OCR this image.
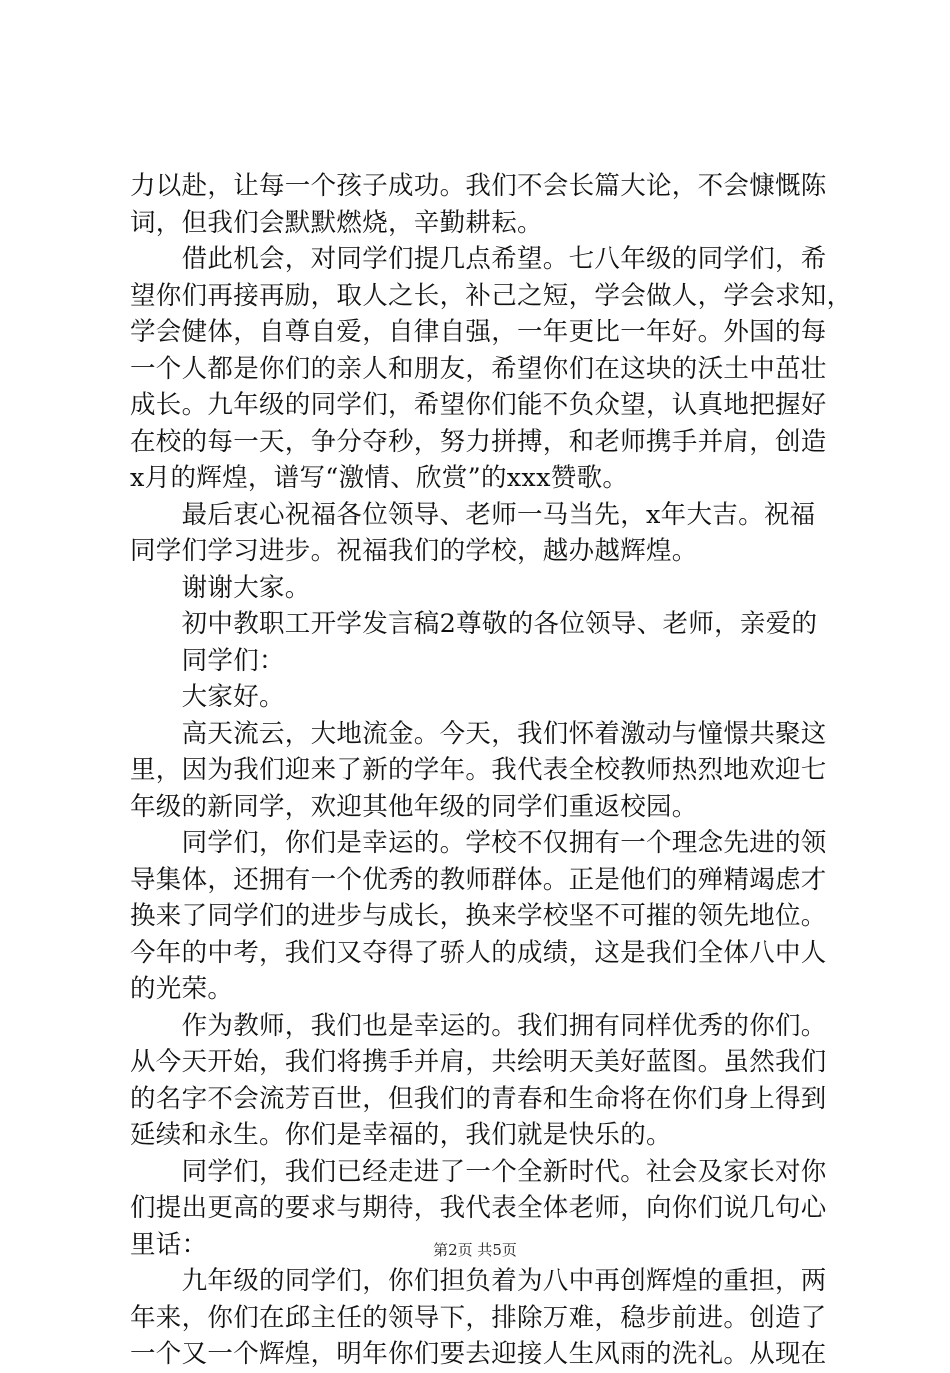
力以赴，让每一个孩子成功。我们不会长篇大论，不会慷慨陈
词，但我们会默默燃烧，辛勤耕耘。
　　借此机会，对同学们提几点希望。七八年级的同学们，希
望你们再接再励，取人之长，补己之短，学会做人，学会求知，
学会健体，自尊自爱，自律自强，一年更比一年好。外国的每
一个人都是你们的亲人和朋友，希望你们在这块的沃土中茁壮
成长。九年级的同学们，希望你们能不负众望，认真地把握好
在校的每一天，争分夺秒，努力拼搏，和老师携手并肩，创造
x月的辉煌，谱写“激情、欣赏”的xxx赞歌。
　　最后衷心祝福各位领导、老师一马当先，x年大吉。祝福
同学们学习进步。祝福我们的学校，越办越辉煌。
　　谢谢大家。
　　初中教职工开学发言稿2尊敬的各位领导、老师，亲爱的
　　同学们：
　　大家好。
　　高天流云，大地流金。今天，我们怀着激动与憧憬共聚这
里，因为我们迎来了新的学年。我代表全校教师热烈地欢迎七
年级的新同学，欢迎其他年级的同学们重返校园。
　　同学们，你们是幸运的。学校不仅拥有一个理念先进的领
导集体，还拥有一个优秀的教师群体。正是他们的殚精竭虑才
换来了同学们的进步与成长，换来学校坚不可摧的领先地位。
今年的中考，我们又夺得了骄人的成绩，这是我们全体八中人
的光荣。
　　作为教师，我们也是幸运的。我们拥有同样优秀的你们。
从今天开始，我们将携手并肩，共绘明天美好蓝图。虽然我们
的名字不会流芳百世，但我们的青春和生命将在你们身上得到
延续和永生。你们是幸福的，我们就是快乐的。
　　同学们，我们已经走进了一个全新时代。社会及家长对你
们提出更高的要求与期待，我代表全体老师，向你们说几句心
里话：
　　九年级的同学们，你们担负着为八中再创辉煌的重担，两
年来，你们在邱主任的领导下，排除万难，稳步前进。创造了
一个又一个辉煌，明年你们要去迎接人生风雨的洗礼。从现在
第2页 共5页
